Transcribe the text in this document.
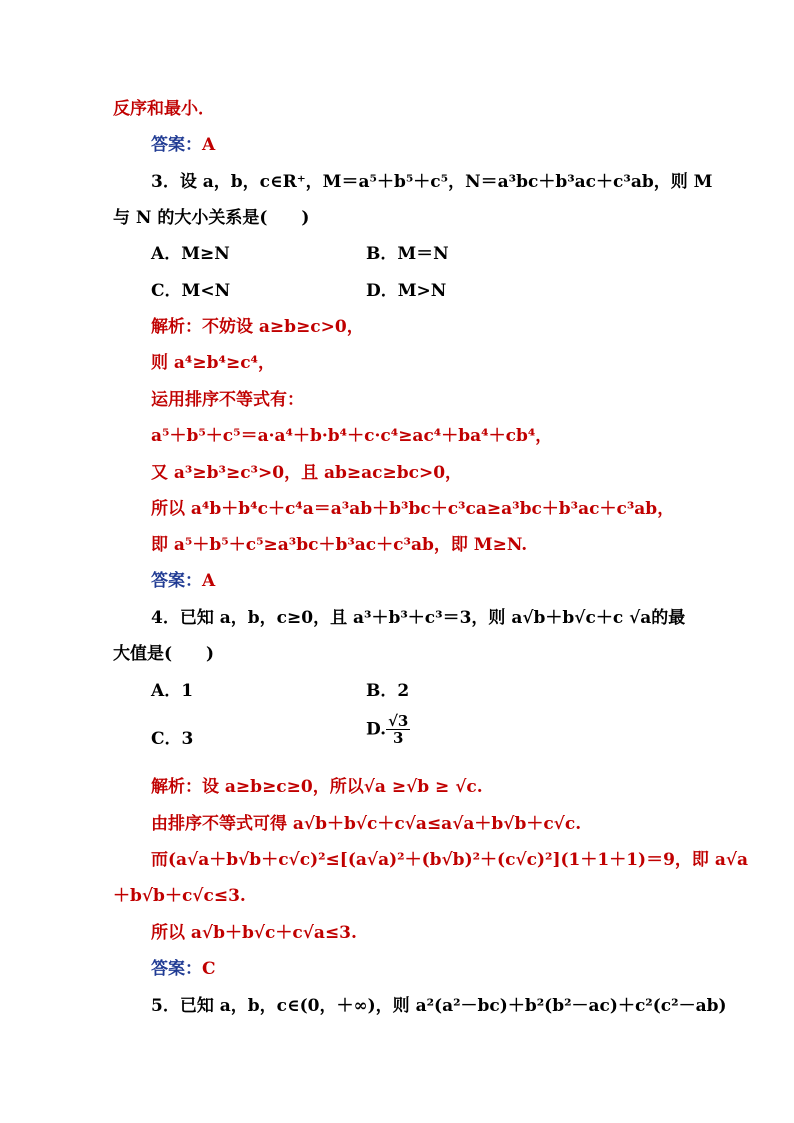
反序和最小．
答案：A
3．设 a，b，c∈R⁺，M＝a⁵＋b⁵＋c⁵，N＝a³bc＋b³ac＋c³ab，则 M
与 N 的大小关系是(　　)
A．M≥N	B．M＝N
C．M<N	D．M>N
解析：不妨设 a≥b≥c>0，
则 a⁴≥b⁴≥c⁴，
运用排序不等式有：
a⁵＋b⁵＋c⁵＝a·a⁴＋b·b⁴＋c·c⁴≥ac⁴＋ba⁴＋cb⁴，
又 a³≥b³≥c³>0，且 ab≥ac≥bc>0，
所以 a⁴b＋b⁴c＋c⁴a＝a³ab＋b³bc＋c³ca≥a³bc＋b³ac＋c³ab，
即 a⁵＋b⁵＋c⁵≥a³bc＋b³ac＋c³ab，即 M≥N.
答案：A
4．已知 a，b，c≥0，且 a³＋b³＋c³＝3，则 a√b＋b√c＋c √a的最
大值是(　　)
A．1	B．2
C．3	D. $\frac{√3}{3}$
解析：设 a≥b≥c≥0，所以√a ≥√b ≥ √c.
由排序不等式可得 a√b＋b√c＋c√a≤a√a＋b√b＋c√c.
而(a√a＋b√b＋c√c)²≤[(a√a)²＋(b√b)²＋(c√c)²](1＋1＋1)＝9，即 a√a
＋b√b＋c√c≤3.
所以 a√b＋b√c＋c√a≤3.
答案：C
5．已知 a，b，c∈(0，＋∞)，则 a²(a²－bc)＋b²(b²－ac)＋c²(c²－ab)
